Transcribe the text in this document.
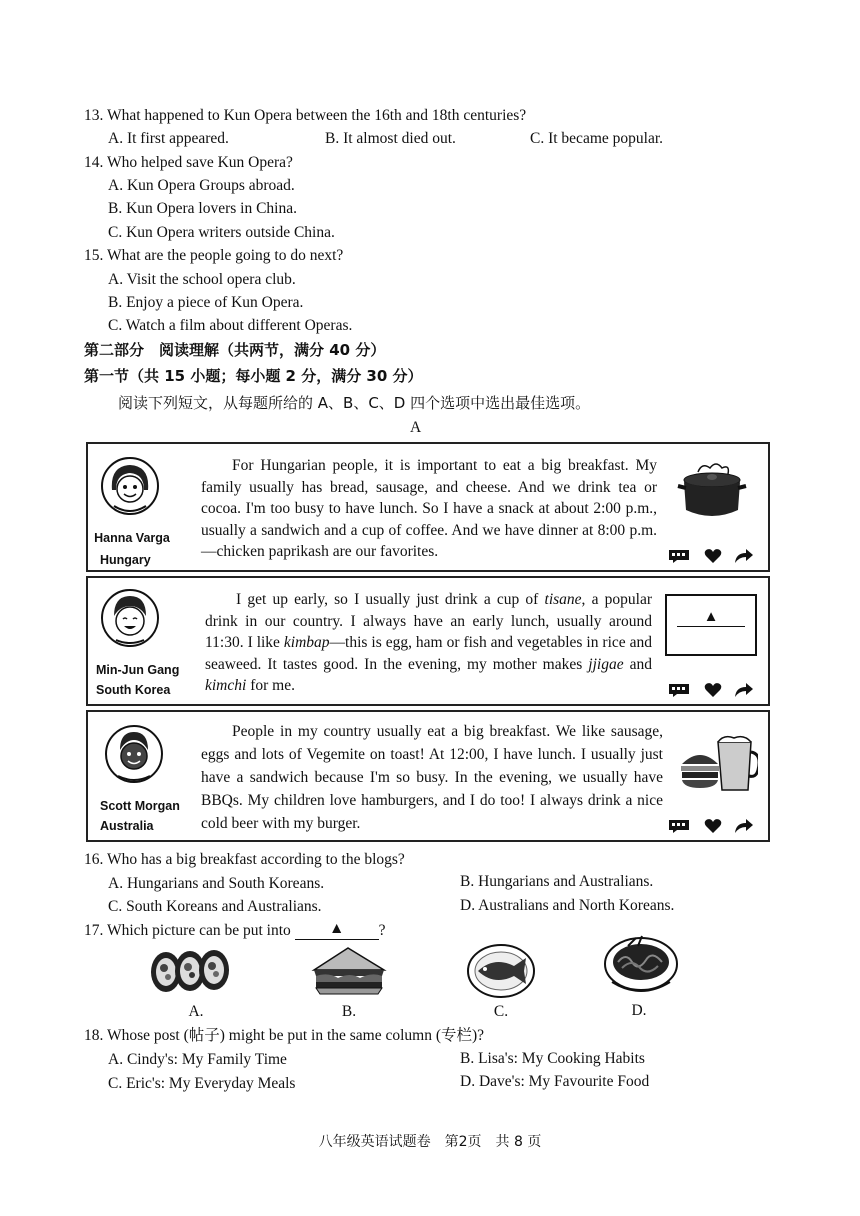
13. What happened to Kun Opera between the 16th and 18th centuries?
A. It first appeared.	B. It almost died out.	C. It became popular.
14. Who helped save Kun Opera?
A. Kun Opera Groups abroad.
B. Kun Opera lovers in China.
C. Kun Opera writers outside China.
15. What are the people going to do next?
A. Visit the school opera club.
B. Enjoy a piece of Kun Opera.
C. Watch a film about different Operas.
第二部分　阅读理解（共两节，满分 40 分）
第一节（共 15 小题；每小题 2 分，满分 30 分）
阅读下列短文，从每题所给的 A、B、C、D 四个选项中选出最佳选项。
A
Hanna Varga
Hungary

For Hungarian people, it is important to eat a big breakfast. My family usually has bread, sausage, and cheese. And we drink tea or cocoa. I'm too busy to have lunch. So I have a snack at about 2:00 p.m., usually a sandwich and a cup of coffee. And we have dinner at 8:00 p.m.—chicken paprikash are our favorites.

Min-Jun Gang
South Korea

I get up early, so I usually just drink a cup of tisane, a popular drink in our country. I always have an early lunch, usually around 11:30. I like kimbap—this is egg, ham or fish and vegetables in rice and seaweed. It tastes good. In the evening, my mother makes jjigae and kimchi for me.

▲
Scott Morgan
Australia

People in my country usually eat a big breakfast. We like sausage, eggs and lots of Vegemite on toast! At 12:00, I have lunch. I usually just have a sandwich because I'm so busy. In the evening, we usually have BBQs. My children love hamburgers, and I do too! I always drink a nice cold beer with my burger.

16. Who has a big breakfast according to the blogs?
A. Hungarians and South Koreans.	B. Hungarians and Australians.
C. South Koreans and Australians.	D. Australians and North Koreans.
17. Which picture can be put into ▲ ?
A.	B.	C.	D.
18. Whose post (帖子) might be put in the same column (专栏)?
A. Cindy's: My Family Time	B. Lisa's: My Cooking Habits
C. Eric's: My Everyday Meals	D. Dave's: My Favourite Food
八年级英语试题卷　第2页　共 8 页
